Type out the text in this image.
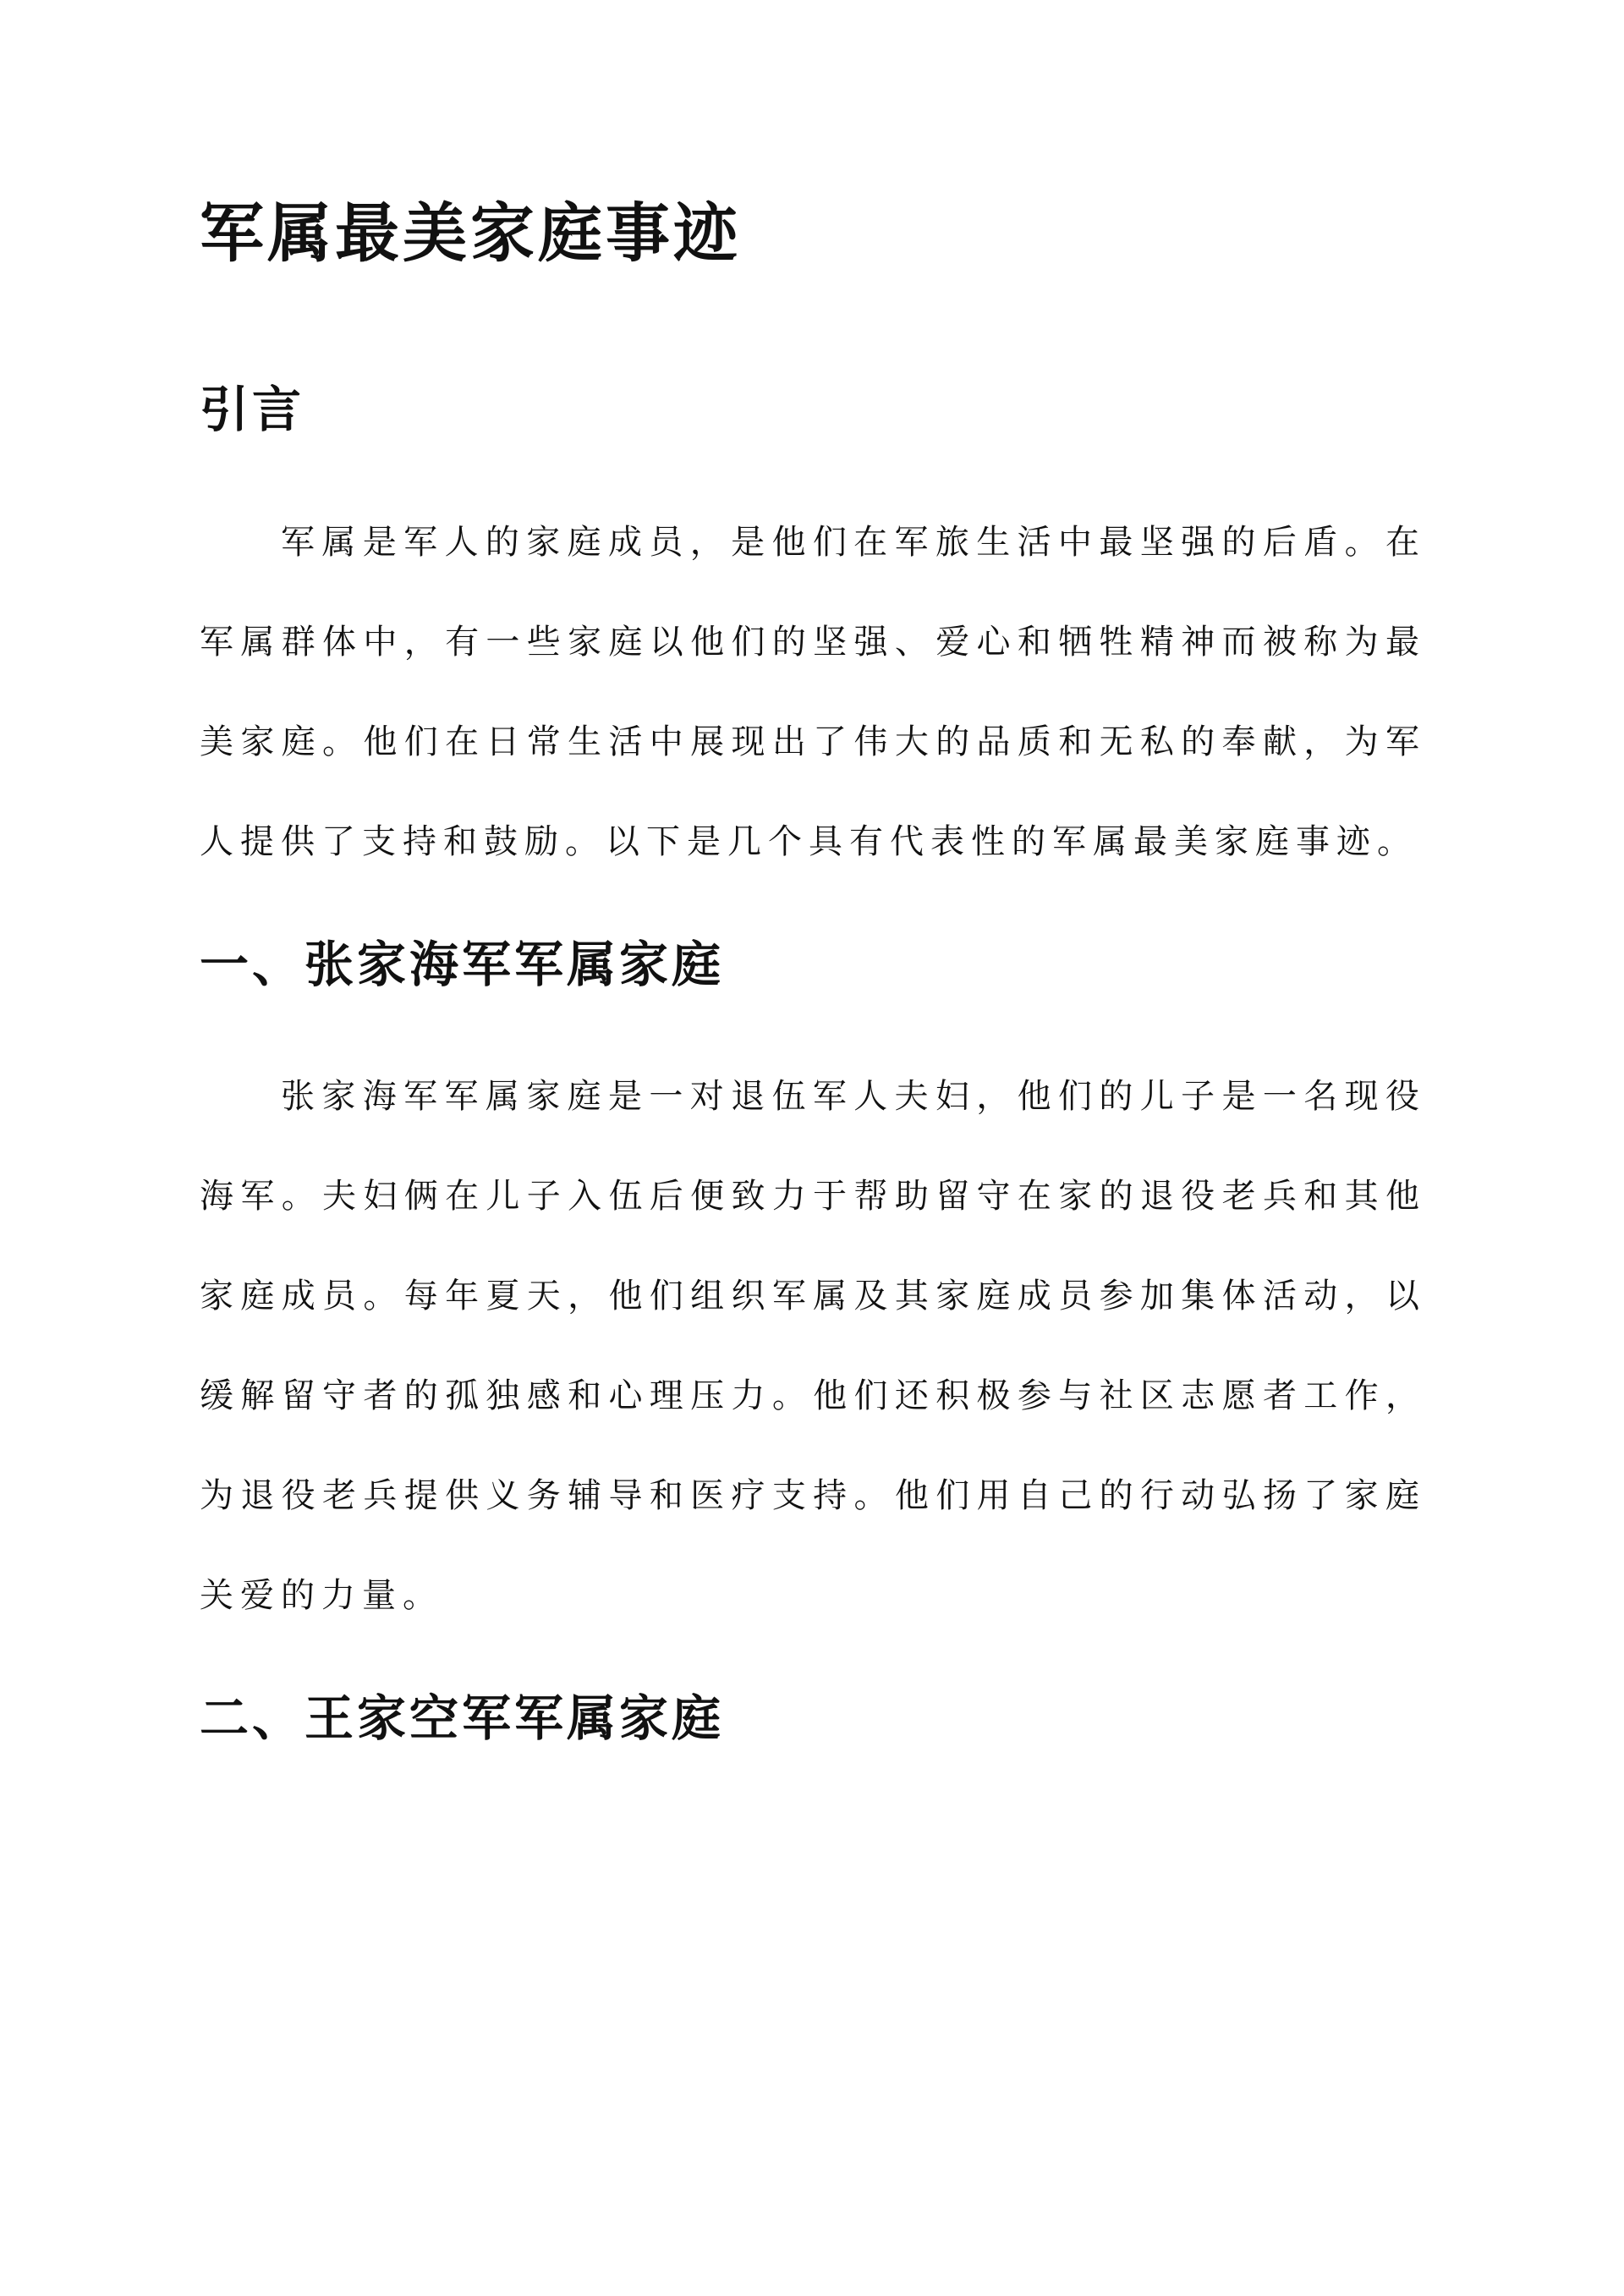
军属最美家庭事迹
引言

军属是军人的家庭成员，是他们在军旅生活中最坚强的后盾。在军属群体中，有一些家庭以他们的坚强、爱心和牺牲精神而被称为最美家庭。他们在日常生活中展现出了伟大的品质和无私的奉献，为军人提供了支持和鼓励。以下是几个具有代表性的军属最美家庭事迹。

一、张家海军军属家庭

张家海军军属家庭是一对退伍军人夫妇，他们的儿子是一名现役海军。夫妇俩在儿子入伍后便致力于帮助留守在家的退役老兵和其他家庭成员。每年夏天，他们组织军属及其家庭成员参加集体活动，以缓解留守者的孤独感和心理压力。他们还积极参与社区志愿者工作，为退役老兵提供义务辅导和医疗支持。他们用自己的行动弘扬了家庭关爱的力量。

二、王家空军军属家庭
